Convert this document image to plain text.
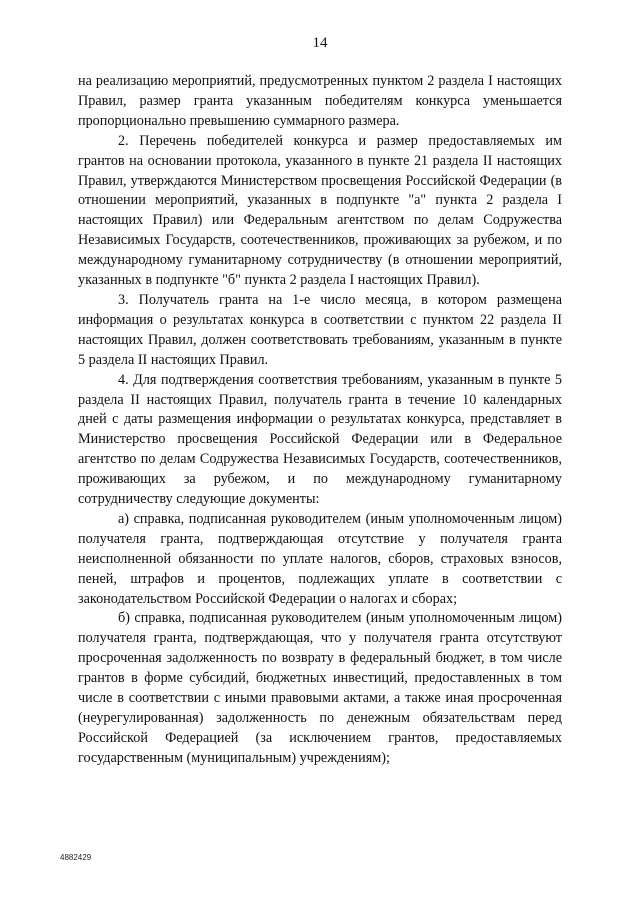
14

на реализацию мероприятий, предусмотренных пунктом 2 раздела I настоящих Правил, размер гранта указанным победителям конкурса уменьшается пропорционально превышению суммарного размера.

2. Перечень победителей конкурса и размер предоставляемых им грантов на основании протокола, указанного в пункте 21 раздела II настоящих Правил, утверждаются Министерством просвещения Российской Федерации (в отношении мероприятий, указанных в подпункте "а" пункта 2 раздела I настоящих Правил) или Федеральным агентством по делам Содружества Независимых Государств, соотечественников, проживающих за рубежом, и по международному гуманитарному сотрудничеству (в отношении мероприятий, указанных в подпункте "б" пункта 2 раздела I настоящих Правил).

3. Получатель гранта на 1-е число месяца, в котором размещена информация о результатах конкурса в соответствии с пунктом 22 раздела II настоящих Правил, должен соответствовать требованиям, указанным в пункте 5 раздела II настоящих Правил.

4. Для подтверждения соответствия требованиям, указанным в пункте 5 раздела II настоящих Правил, получатель гранта в течение 10 календарных дней с даты размещения информации о результатах конкурса, представляет в Министерство просвещения Российской Федерации или в Федеральное агентство по делам Содружества Независимых Государств, соотечественников, проживающих за рубежом, и по международному гуманитарному сотрудничеству следующие документы:

а) справка, подписанная руководителем (иным уполномоченным лицом) получателя гранта, подтверждающая отсутствие у получателя гранта неисполненной обязанности по уплате налогов, сборов, страховых взносов, пеней, штрафов и процентов, подлежащих уплате в соответствии с законодательством Российской Федерации о налогах и сборах;

б) справка, подписанная руководителем (иным уполномоченным лицом) получателя гранта, подтверждающая, что у получателя гранта отсутствуют просроченная задолженность по возврату в федеральный бюджет, в том числе грантов в форме субсидий, бюджетных инвестиций, предоставленных в том числе в соответствии с иными правовыми актами, а также иная просроченная (неурегулированная) задолженность по денежным обязательствам перед Российской Федерацией (за исключением грантов, предоставляемых государственным (муниципальным) учреждениям);

4882429
